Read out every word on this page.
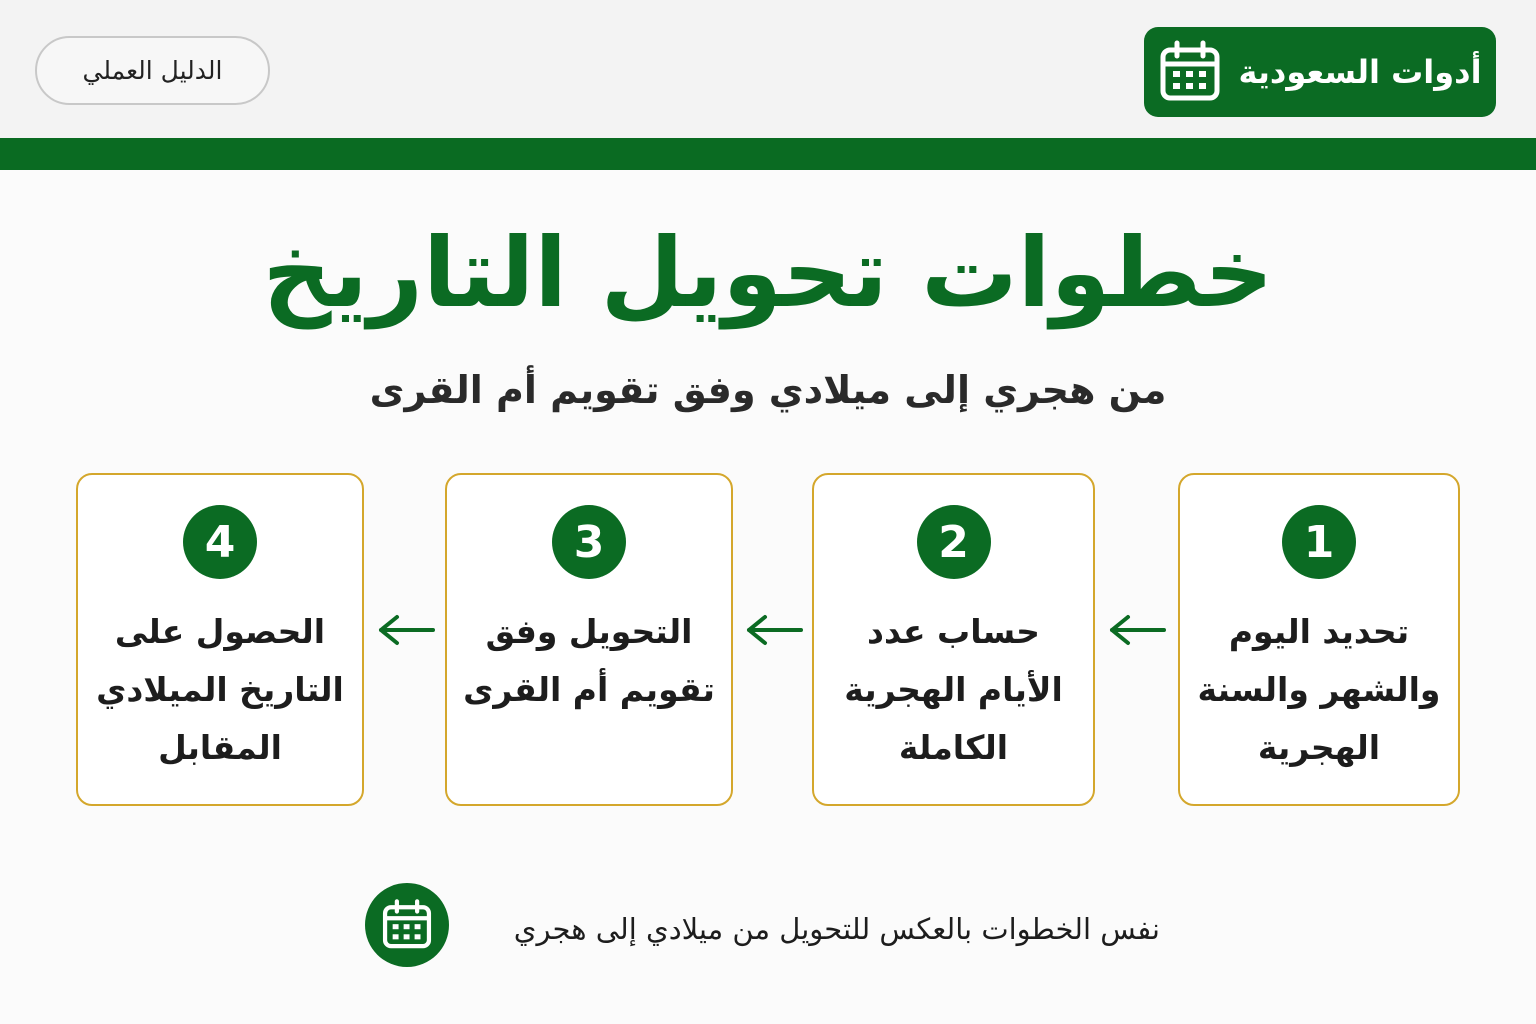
أدوات السعودية
الدليل العملي
خطوات تحويل التاريخ
من هجري إلى ميلادي وفق تقويم أم القرى
1
تحديد اليوم والشهر والسنة الهجرية
2
حساب عدد الأيام الهجرية الكاملة
3
التحويل وفق تقويم أم القرى
4
الحصول على التاريخ الميلادي المقابل
نفس الخطوات بالعكس للتحويل من ميلادي إلى هجري
